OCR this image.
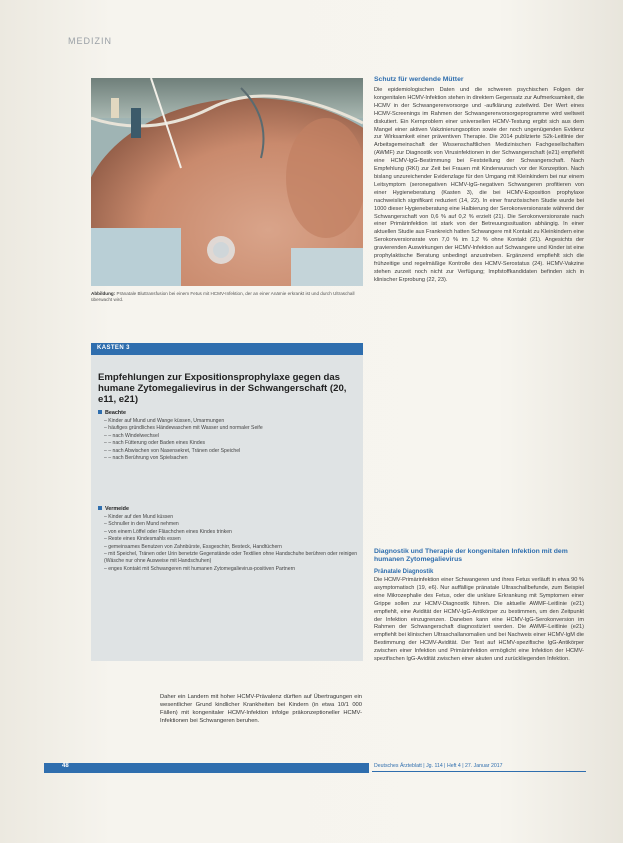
MEDIZIN
Abbildung: Pränatale Bluttransfusion bei einem Fetus mit HCMV-Infektion, der an einer Anämie erkrankt ist und durch Ultraschall überwacht wird.
KASTEN 3
Empfehlungen zur Expositionsprophylaxe gegen das humane Zytomegalievirus in der Schwangerschaft (20, e11, e21)
Beachte
– Kinder auf Mund und Wange küssen, Umarmungen
– häufiges gründliches Händewaschen mit Wasser und normaler Seife
– – nach Windelwechsel
– – nach Fütterung oder Baden eines Kindes
– – nach Abwischen von Nasensekret, Tränen oder Speichel
– – nach Berührung von Spielsachen
Vermeide
– Kinder auf den Mund küssen
– Schnuller in den Mund nehmen
– von einem Löffel oder Fläschchen eines Kindes trinken
– Reste eines Kindesmahls essen
– gemeinsames Benutzen von Zahnbürste, Essgeschirr, Besteck, Handtüchern
– mit Speichel, Tränen oder Urin benetzte Gegenstände oder Textilien ohne Handschuhe berühren oder reinigen (Wäsche nur ohne Ausweise mit Handschuhen)
– enges Kontakt mit Schwangeren mit humanen Zytomegalievirus-positiven Partnern
Daher ein Landern mit hoher HCMV-Prävalenz dürften auf Übertragungen ein wesentlicher Grund kindlicher Krankheiten bei Kindern (in etwa 10/1 000 Fällen) mit kongenitaler HCMV-Infektion infolge präkonzeptioneller HCMV-Infektionen bei Schwangeren beruhen.
Schutz für werdende Mütter
Die epidemiologischen Daten und die schweren psychischen Folgen der kongenitalen HCMV-Infektion stehen in direktem Gegensatz zur Aufmerksamkeit, die HCMV in der Schwangerenvorsorge und -aufklärung zuteilwird. Der Wert eines HCMV-Screenings im Rahmen der Schwangerenvorsorgeprogramme wird weltweit diskutiert. Ein Kernproblem einer universellen HCMV-Testung ergibt sich aus dem Mangel einer aktiven Vakzinierungsoption sowie der noch ungenügenden Evidenz zur Wirksamkeit einer präventiven Therapie. Die 2014 publizierte S2k-Leitlinie der Arbeitsgemeinschaft der Wissenschaftlichen Medizinischen Fachgesellschaften (AWMF) zur Diagnostik von Virusinfektionen in der Schwangerschaft (e21) empfiehlt eine HCMV-IgG-Bestimmung bei Feststellung der Schwangerschaft. Nach Empfehlung (RKI) zur Zeit bei Frauen mit Kinderwunsch vor der Konzeption. Nach bislang unzureichender Evidenzlage für den Umgang mit Kleinkindern bei nur einem Leitsymptom (seronegativen HCMV-IgG-negativen Schwangeren profitieren von einer Hygieneberatung (Kasten 3), die bei HCMV-Exposition prophylaxe nachweislich signifikant reduziert (14, 22). In einer französischen Studie wurde bei 1000 dieser Hygieneberatung eine Halbierung der Serokonversionsrate während der Schwangerschaft von 0,6 % auf 0,2 % erzielt (21). Die Serokonversionsrate nach einer Primärinfektion ist stark von der Betreuungssituation abhängig. In einer aktuellen Studie aus Frankreich hatten Schwangere mit Kontakt zu Kleinkindern eine Serokonversionsrate von 7,0 % im 1,2 % ohne Kontakt (21). Angesichts der gravierenden Auswirkungen der HCMV-Infektion auf Schwangere und Kinder ist eine prophylaktische Beratung unbedingt anzustreben. Ergänzend empfiehlt sich die frühzeitige und regelmäßige Kontrolle des HCMV-Serostatus (24). HCMV-Vakzine stehen zurzeit noch nicht zur Verfügung; Impfstoffkandidaten befinden sich in klinischer Erprobung (22, 23).
Diagnostik und Therapie der kongenitalen Infektion mit dem humanen Zytomegalievirus
Pränatale Diagnostik
Die HCMV-Primärinfektion einer Schwangeren und ihres Fetus verläuft in etwa 90 % asymptomatisch (19, e6). Nur auffällige pränatale Ultraschallbefunde, zum Beispiel eine Mikrozephalie des Fetus, oder die unklare Erkrankung mit Symptomen einer Grippe sollen zur HCMV-Diagnostik führen. Die aktuelle AWMF-Leitlinie (e21) empfiehlt, eine Avidität der HCMV-IgG-Antikörper zu bestimmen, um den Zeitpunkt der Infektion einzugrenzen. Daneben kann eine HCMV-IgG-Serokonversion im Rahmen der Schwangerschaft diagnostiziert werden. Die AWMF-Leitlinie (e21) empfiehlt bei klinischen Ultraschallanomalien und bei Nachweis einer HCMV-IgM die Bestimmung der HCMV-Avidität. Der Test auf HCMV-spezifische IgG-Antikörper zwischen einer Infektion und Primärinfektion ermöglicht eine Infektion der HCMV-spezifischen IgG-Avidität zwischen einer akuten und zurückliegenden Infektion.
48	Deutsches Ärzteblatt | Jg. 114 | Heft 4 | 27. Januar 2017
